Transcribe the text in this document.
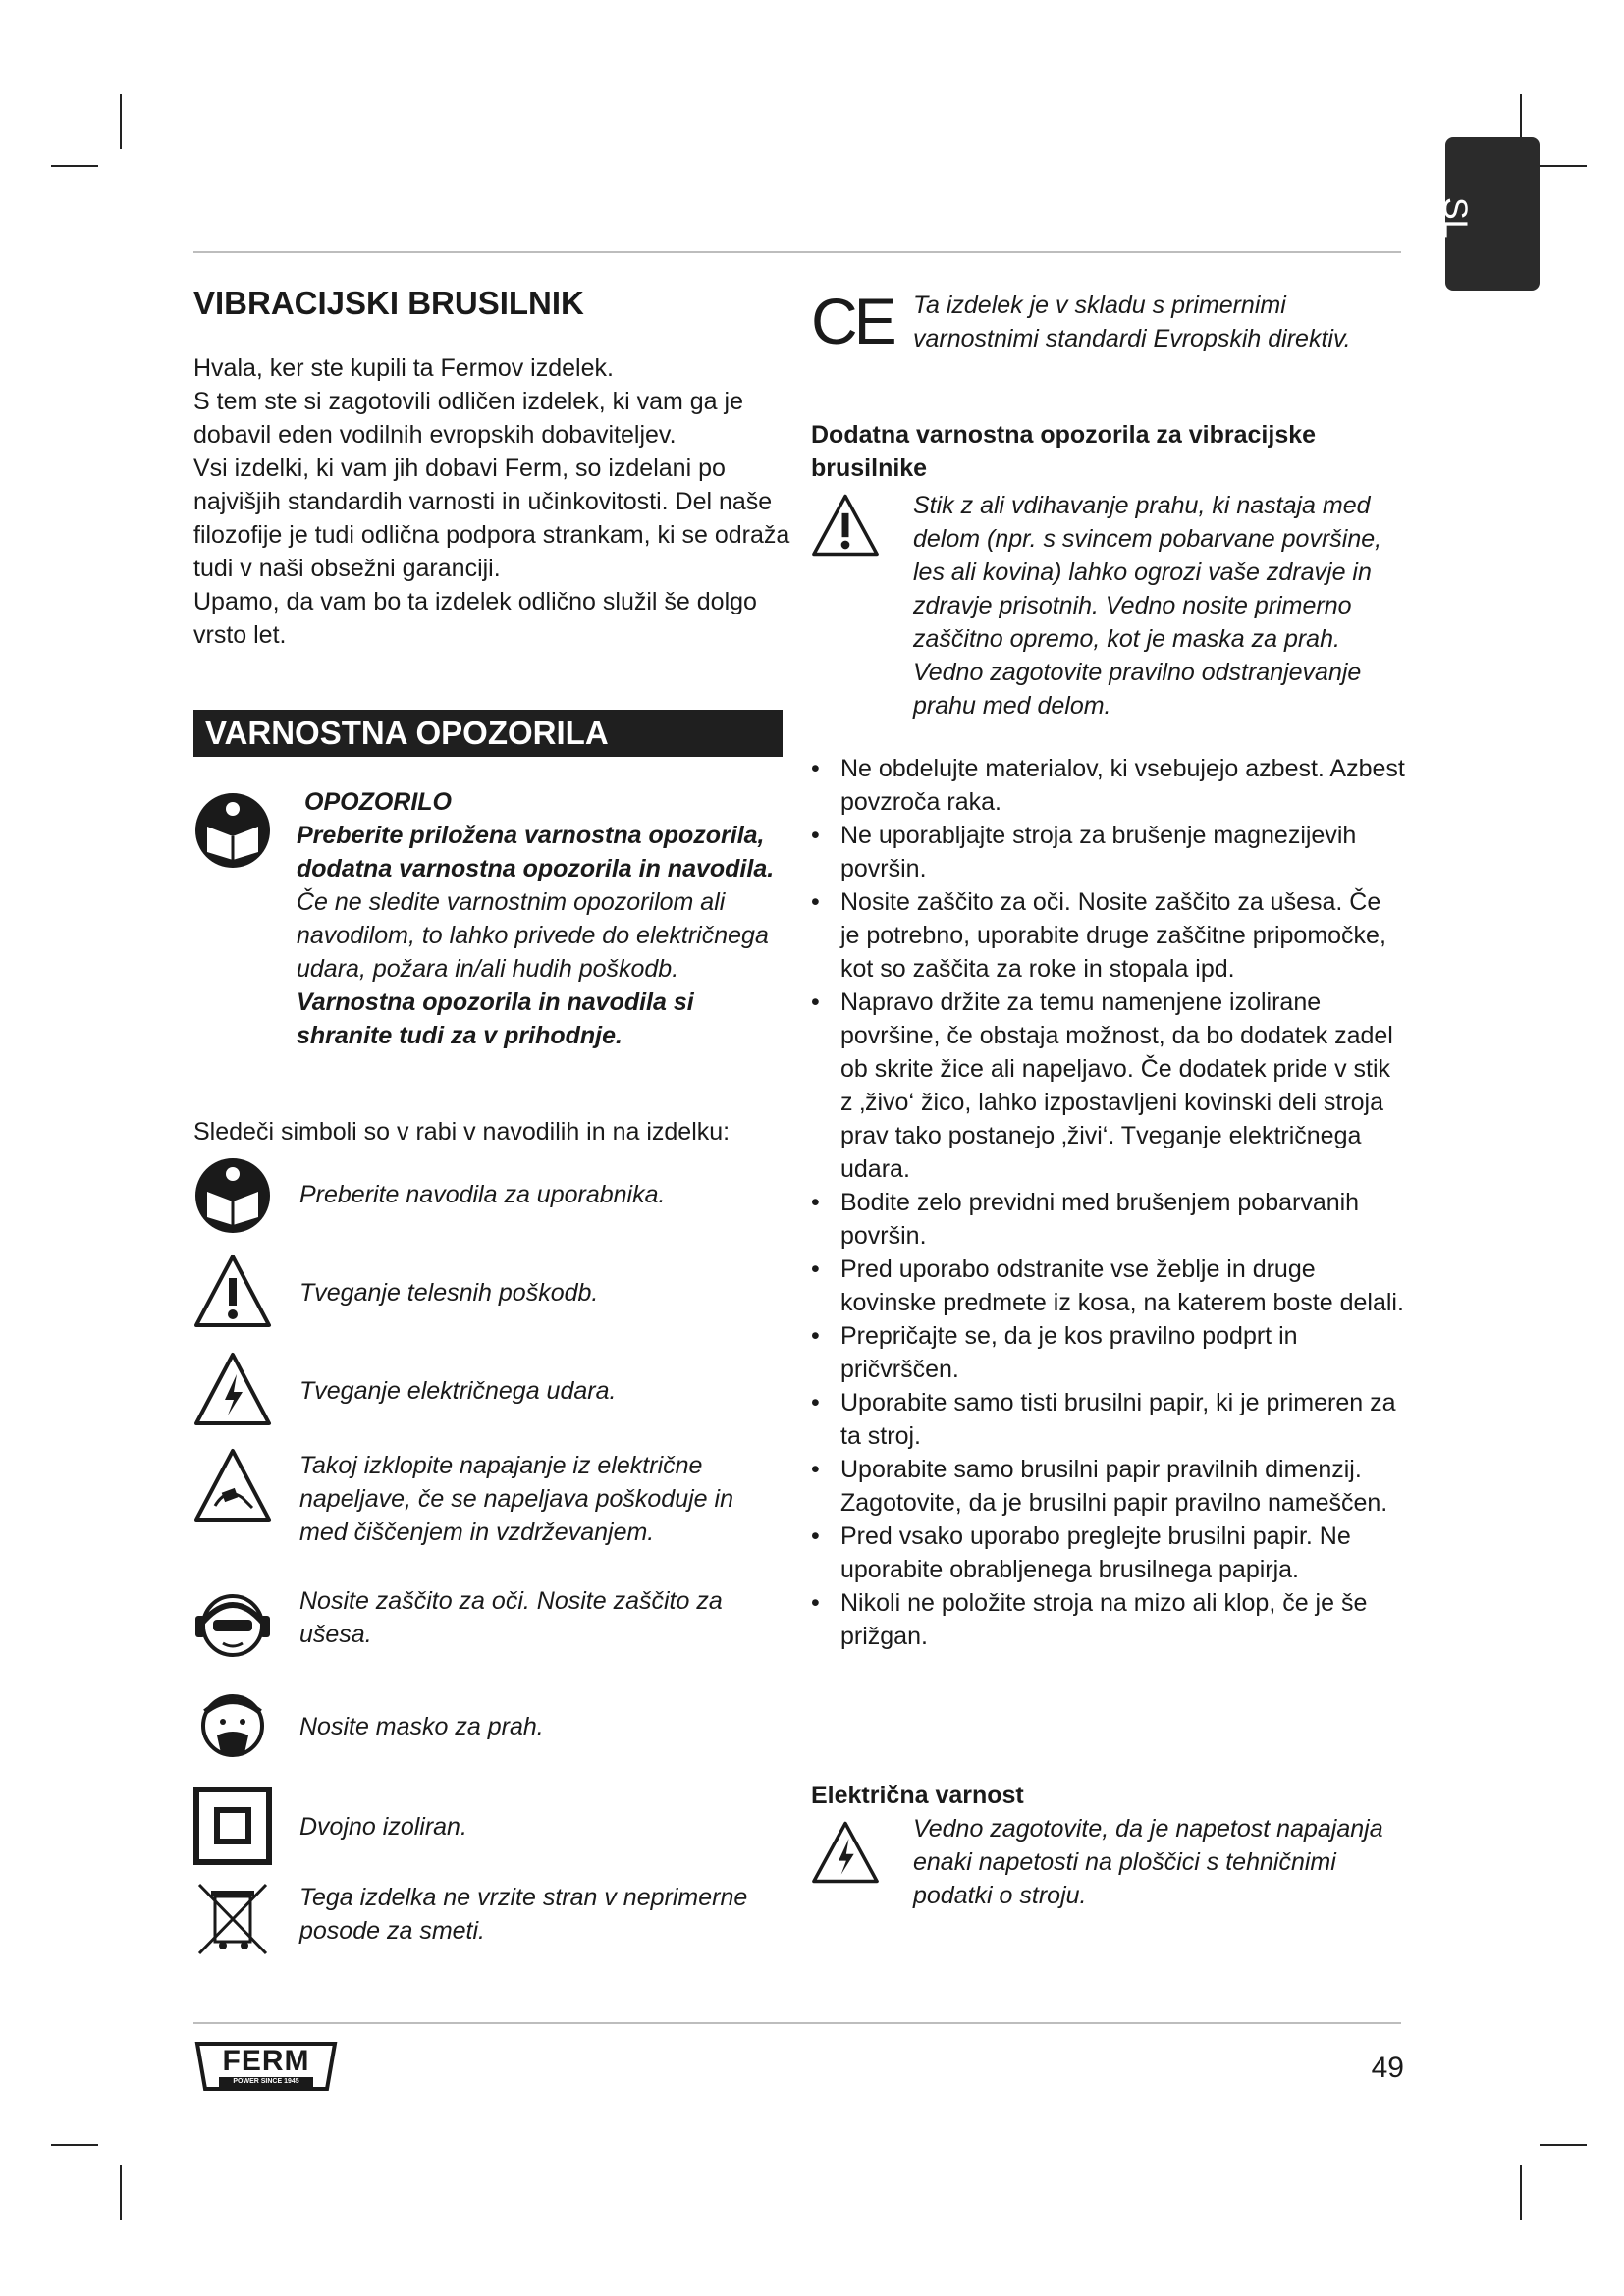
SL
VIBRACIJSKI BRUSILNIK

Hvala, ker ste kupili ta Fermov izdelek.

S tem ste si zagotovili odličen izdelek, ki vam ga je dobavil eden vodilnih evropskih dobaviteljev.

Vsi izdelki, ki vam jih dobavi Ferm, so izdelani po najvišjih standardih varnosti in učinkovitosti. Del naše filozofije je tudi odlična podpora strankam, ki se odraža tudi v naši obsežni garanciji.

Upamo, da vam bo ta izdelek odlično služil še dolgo vrsto let.

VARNOSTNA OPOZORILA
OPOZORILO
Preberite priložena varnostna opozorila, dodatna varnostna opozorila in navodila. Če ne sledite varnostnim opozorilom ali navodilom, to lahko privede do električnega udara, požara in/ali hudih poškodb. Varnostna opozorila in navodila si shranite tudi za v prihodnje.
Sledeči simboli so v rabi v navodilih in na izdelku:
Preberite navodila za uporabnika.
Tveganje telesnih poškodb.
Tveganje električnega udara.
Takoj izklopite napajanje iz električne napeljave, če se napeljava poškoduje in med čiščenjem in vzdrževanjem.
Nosite zaščito za oči. Nosite zaščito za ušesa.
Nosite masko za prah.
Dvojno izoliran.
Tega izdelka ne vrzite stran v neprimerne posode za smeti.
CE Ta izdelek je v skladu s primernimi varnostnimi standardi Evropskih direktiv.
Dodatna varnostna opozorila za vibracijske brusilnike
Stik z ali vdihavanje prahu, ki nastaja med delom (npr. s svincem pobarvane površine, les ali kovina) lahko ogrozi vaše zdravje in zdravje prisotnih. Vedno nosite primerno zaščitno opremo, kot je maska za prah. Vedno zagotovite pravilno odstranjevanje prahu med delom.
• Ne obdelujte materialov, ki vsebujejo azbest. Azbest povzroča raka.
• Ne uporabljajte stroja za brušenje magnezijevih površin.
• Nosite zaščito za oči. Nosite zaščito za ušesa. Če je potrebno, uporabite druge zaščitne pripomočke, kot so zaščita za roke in stopala ipd.
• Napravo držite za temu namenjene izolirane površine, če obstaja možnost, da bo dodatek zadel ob skrite žice ali napeljavo. Če dodatek pride v stik z ‚živo‘ žico, lahko izpostavljeni kovinski deli stroja prav tako postanejo ‚živi‘. Tveganje električnega udara.
• Bodite zelo previdni med brušenjem pobarvanih površin.
• Pred uporabo odstranite vse žeblje in druge kovinske predmete iz kosa, na katerem boste delali.
• Prepričajte se, da je kos pravilno podprt in pričvrščen.
• Uporabite samo tisti brusilni papir, ki je primeren za ta stroj.
• Uporabite samo brusilni papir pravilnih dimenzij. Zagotovite, da je brusilni papir pravilno nameščen.
• Pred vsako uporabo preglejte brusilni papir. Ne uporabite obrabljenega brusilnega papirja.
• Nikoli ne položite stroja na mizo ali klop, če je še prižgan.
Električna varnost
Vedno zagotovite, da je napetost napajanja enaki napetosti na ploščici s tehničnimi podatki o stroju.
FERM
POWER SINCE 1945	49
